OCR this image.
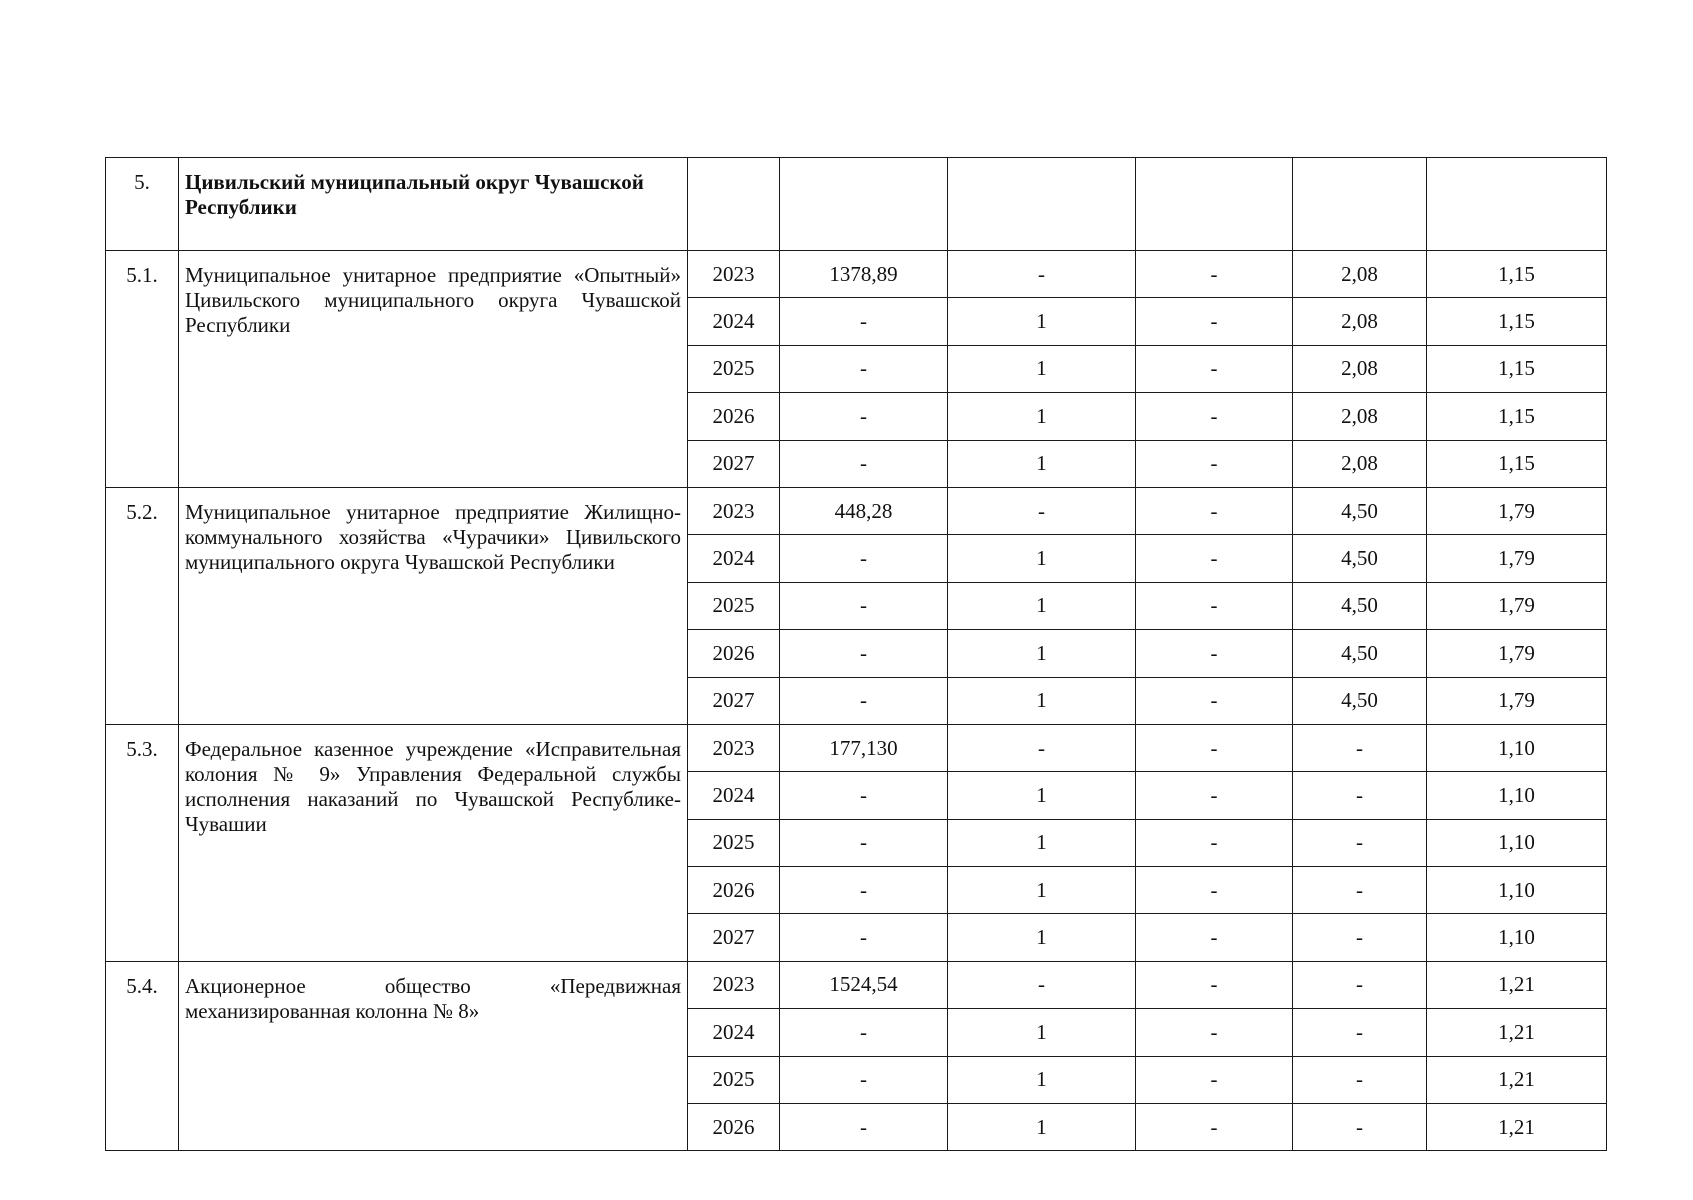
5.	Цивильский муниципальный округ Чувашской Республики						
5.1.	Муниципальное унитарное предприятие «Опытный» Цивильского муниципального округа Чувашской Республики	2023	1378,89	-	-	2,08	1,15
		2024	-	1	-	2,08	1,15
		2025	-	1	-	2,08	1,15
		2026	-	1	-	2,08	1,15
		2027	-	1	-	2,08	1,15
5.2.	Муниципальное унитарное предприятие Жилищно-коммунального хозяйства «Чурачики» Цивильского муниципального округа Чувашской Республики	2023	448,28	-	-	4,50	1,79
		2024	-	1	-	4,50	1,79
		2025	-	1	-	4,50	1,79
		2026	-	1	-	4,50	1,79
		2027	-	1	-	4,50	1,79
5.3.	Федеральное казенное учреждение «Исправительная колония № 9» Управления Федеральной службы исполнения наказаний по Чувашской Республике-Чувашии	2023	177,130	-	-	-	1,10
		2024	-	1	-	-	1,10
		2025	-	1	-	-	1,10
		2026	-	1	-	-	1,10
		2027	-	1	-	-	1,10
5.4.	Акционерное общество «Передвижная механизированная колонна № 8»	2023	1524,54	-	-	-	1,21
		2024	-	1	-	-	1,21
		2025	-	1	-	-	1,21
		2026	-	1	-	-	1,21
